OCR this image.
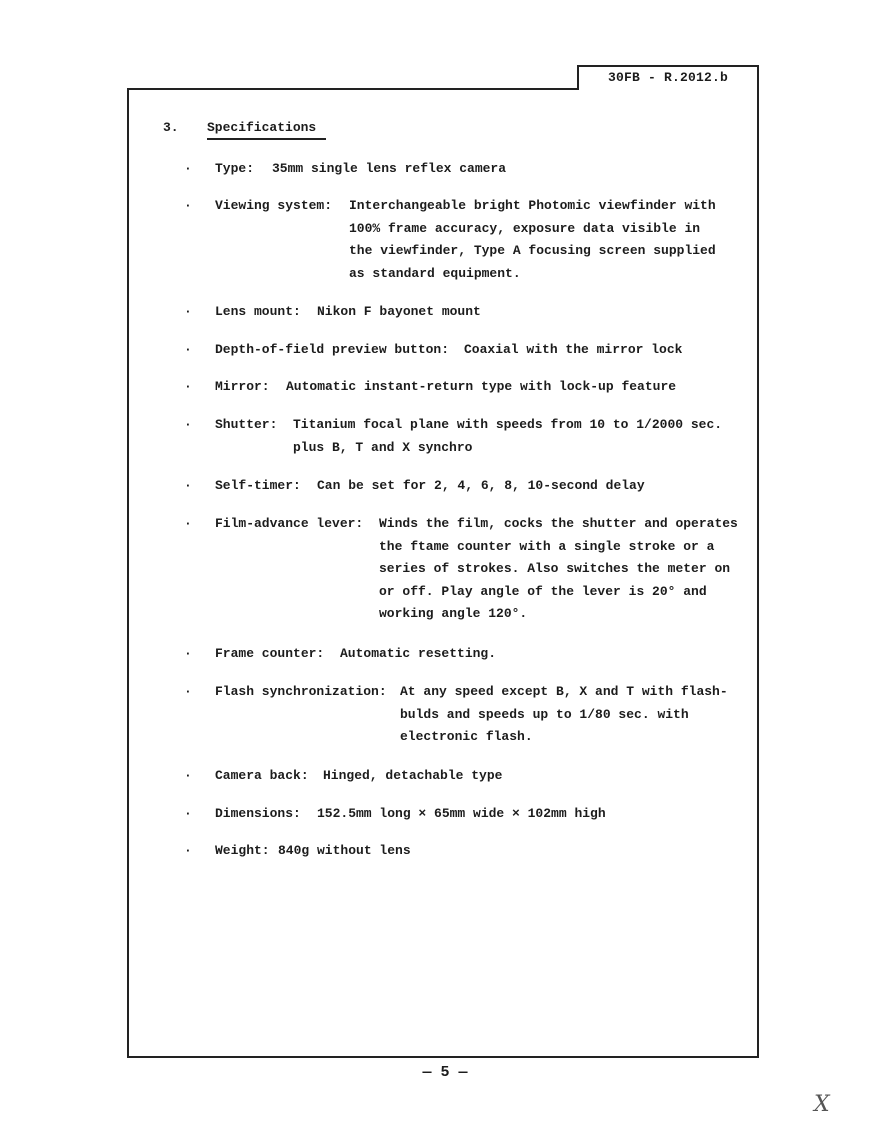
30FB - R.2012.b
3. Specifications
· Type: 35mm single lens reflex camera
· Viewing system: Interchangeable bright Photomic viewfinder with
100% frame accuracy, exposure data visible in
the viewfinder, Type A focusing screen supplied
as standard equipment.
· Lens mount: Nikon F bayonet mount
· Depth-of-field preview button: Coaxial with the mirror lock
· Mirror: Automatic instant-return type with lock-up feature
· Shutter: Titanium focal plane with speeds from 10 to 1/2000 sec.
plus B, T and X synchro
· Self-timer: Can be set for 2, 4, 6, 8, 10-second delay
· Film-advance lever: Winds the film, cocks the shutter and operates
the ftame counter with a single stroke or a
series of strokes. Also switches the meter on
or off. Play angle of the lever is 20° and
working angle 120°.
· Frame counter: Automatic resetting.
· Flash synchronization: At any speed except B, X and T with flash-
bulds and speeds up to 1/80 sec. with
electronic flash.
· Camera back: Hinged, detachable type
· Dimensions: 152.5mm long × 65mm wide × 102mm high
· Weight: 840g without lens
— 5 —
X
